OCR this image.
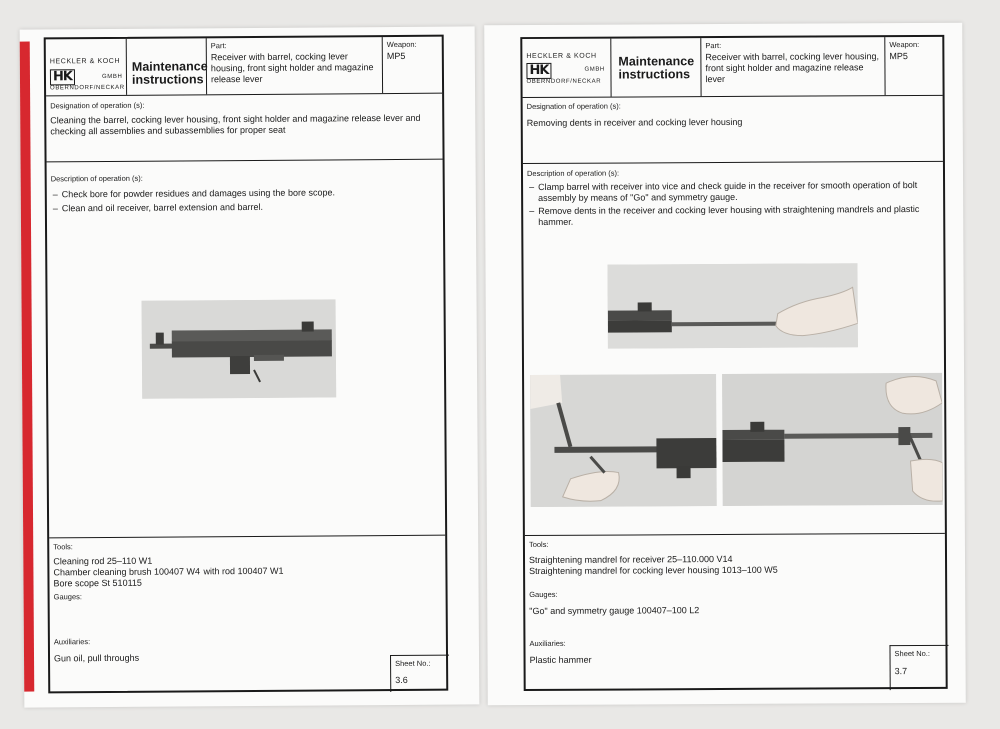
HECKLER & KOCH
HK	GMBH
OBERNDORF/NECKAR
Maintenance
instructions
Part:
Receiver with barrel, cocking lever housing, front sight holder and magazine release lever
Weapon:
MP5
Designation of operation (s):
Cleaning the barrel, cocking lever housing, front sight holder and magazine release lever and checking all assemblies and subassemblies for proper seat
Description of operation (s):
– Check bore for powder residues and damages using the bore scope.
– Clean and oil receiver, barrel extension and barrel.
Tools:
Cleaning rod 25–110 W1
Chamber cleaning brush 100407 W4 with rod 100407 W1
Bore scope St 510115
Gauges:
Auxiliaries:
Gun oil, pull throughs	Sheet No.:
3.6
HECKLER & KOCH
HK	GMBH
OBERNDORF/NECKAR
Maintenance
instructions
Part:
Receiver with barrel, cocking lever housing, front sight holder and magazine release lever
Weapon:
MP5
Designation of operation (s):
Removing dents in receiver and cocking lever housing
Description of operation (s):
– Clamp barrel with receiver into vice and check guide in the receiver for smooth operation of bolt assembly by means of "Go" and symmetry gauge.
– Remove dents in the receiver and cocking lever housing with straightening mandrels and plastic hammer.
Tools:
Straightening mandrel for receiver 25–110.000 V14
Straightening mandrel for cocking lever housing 1013–100 W5
Gauges:
"Go" and symmetry gauge 100407–100 L2
Auxiliaries:
Plastic hammer
Sheet No.:
3.7
